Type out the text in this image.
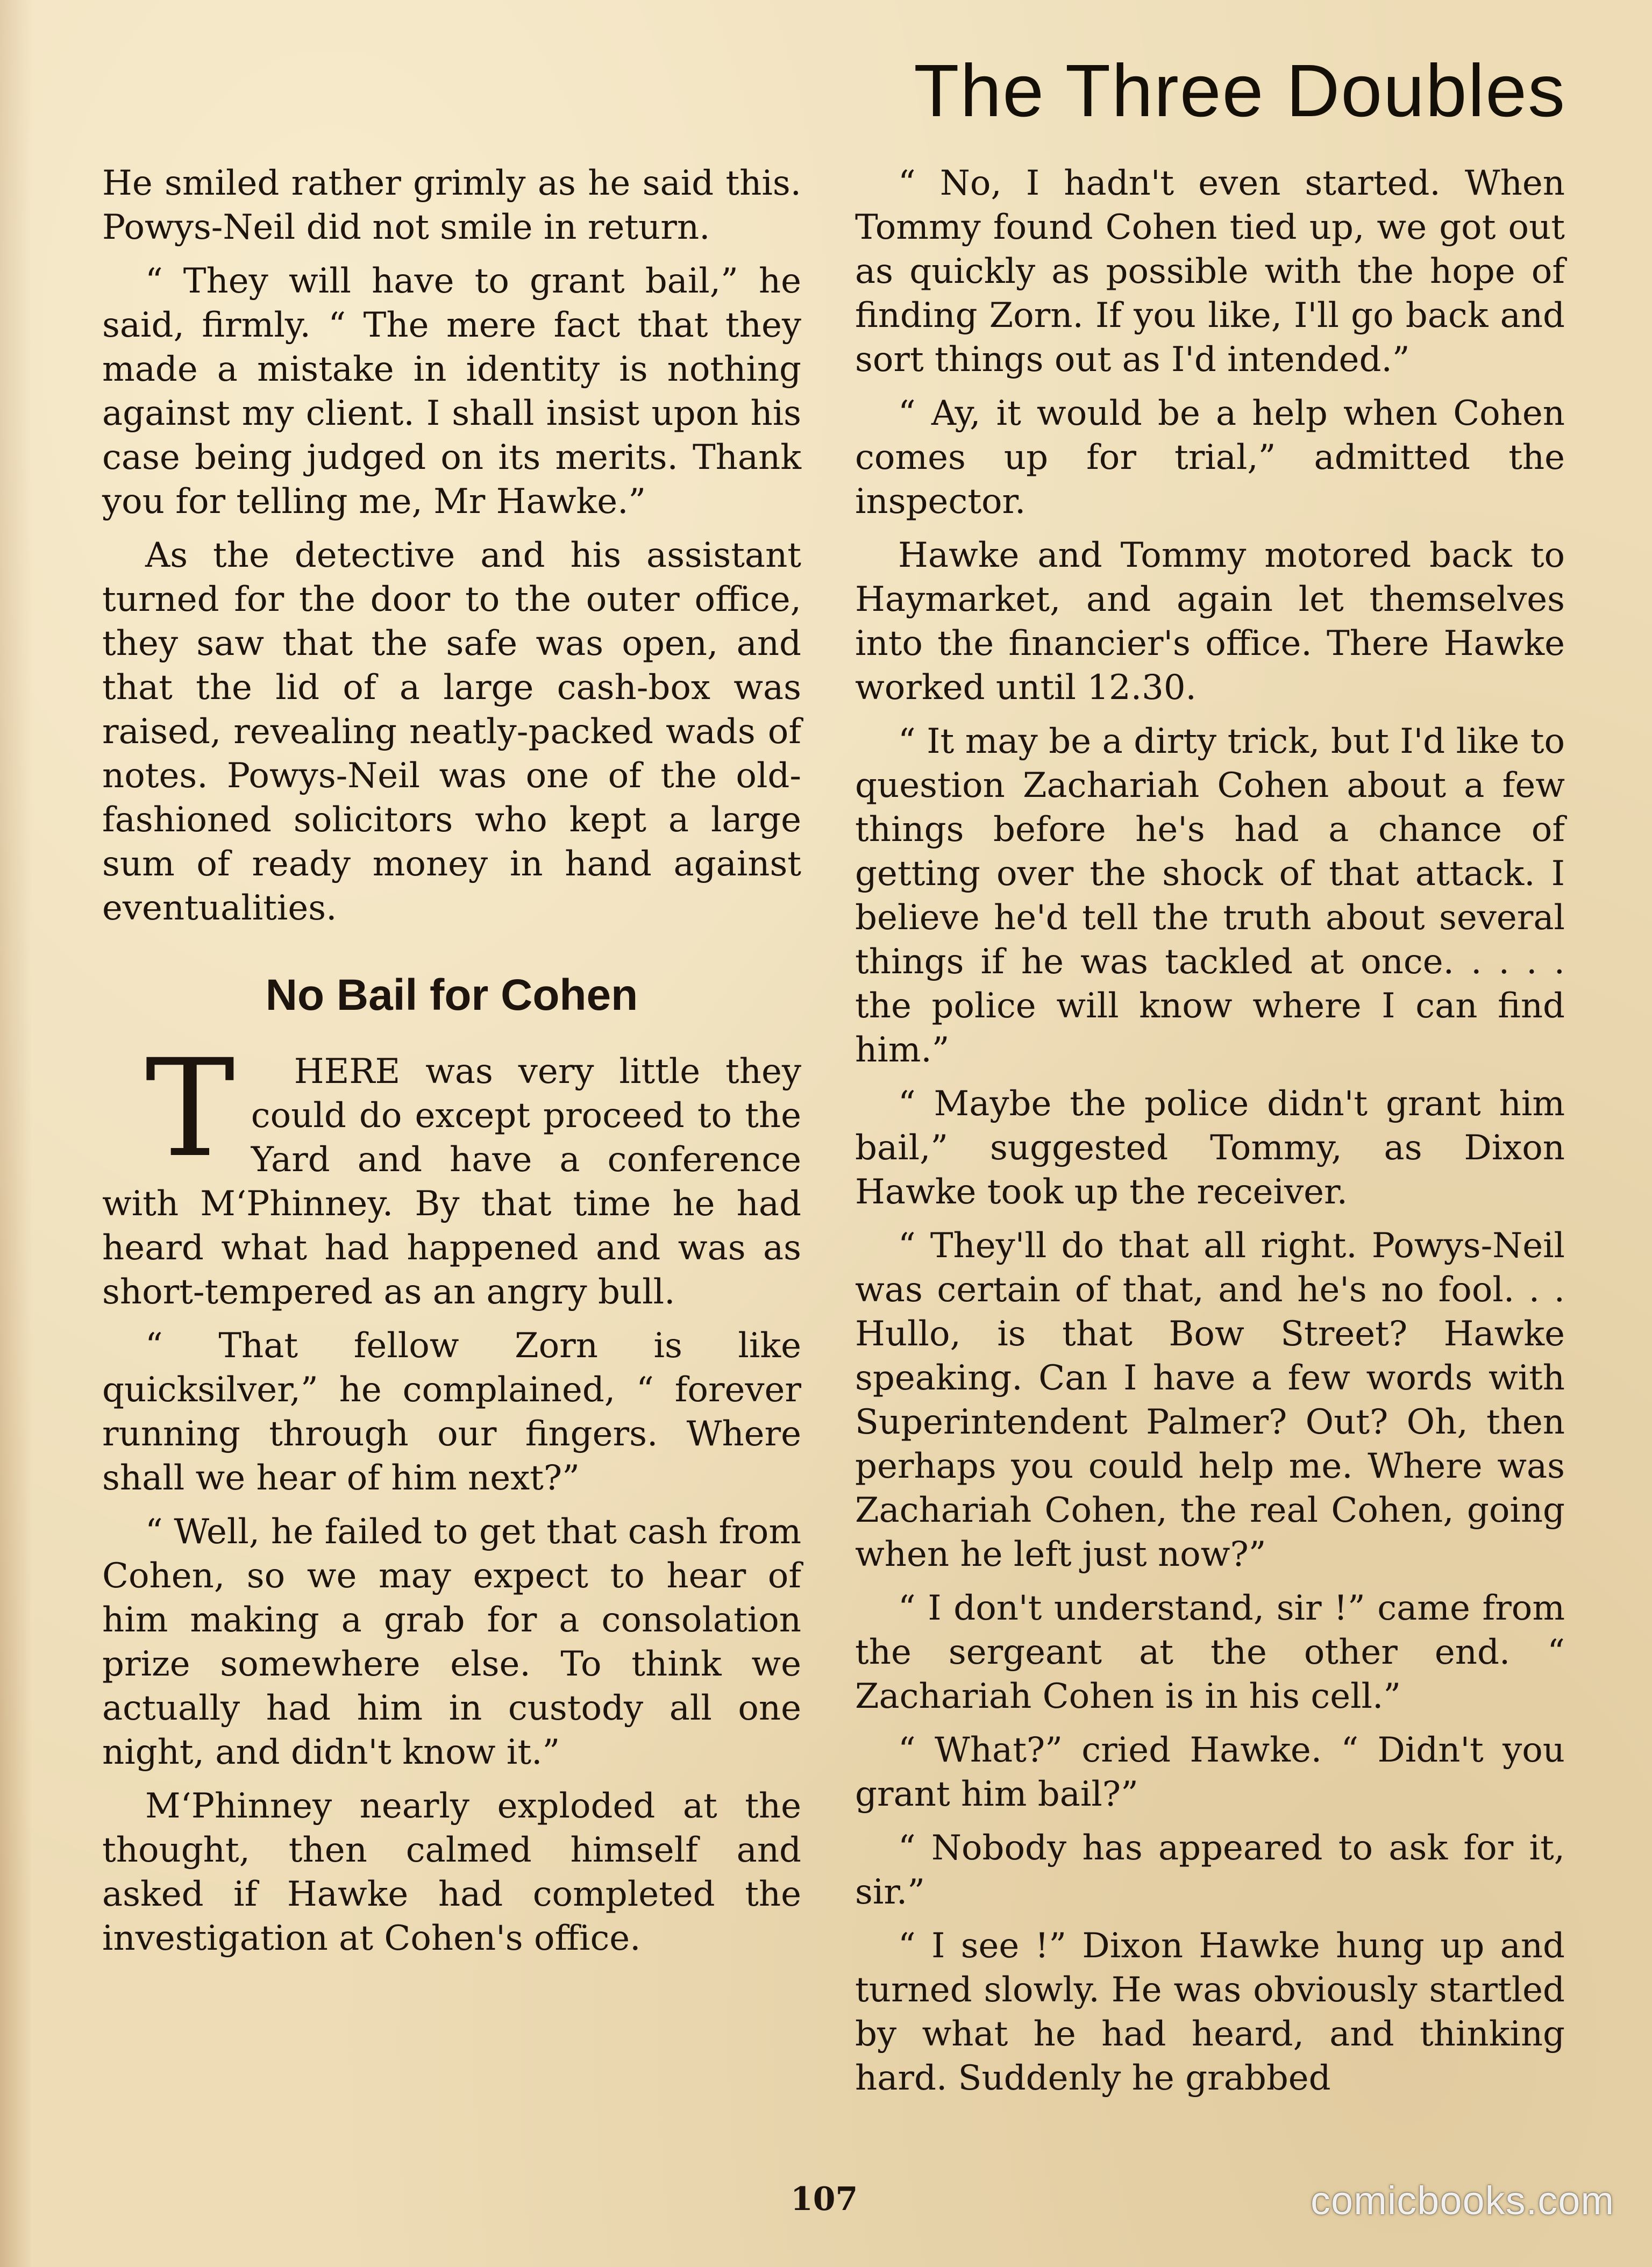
The Three Doubles

He smiled rather grimly as he said this. Powys-Neil did not smile in return.

“ They will have to grant bail,” he said, firmly. “ The mere fact that they made a mistake in identity is nothing against my client. I shall insist upon his case being judged on its merits. Thank you for telling me, Mr Hawke.”

As the detective and his assistant turned for the door to the outer office, they saw that the safe was open, and that the lid of a large cash-box was raised, revealing neatly-packed wads of notes. Powys-Neil was one of the old-fashioned solicitors who kept a large sum of ready money in hand against eventualities.

No Bail for Cohen

T HERE was very little they could do except proceed to the Yard and have a conference with M‘Phinney. By that time he had heard what had happened and was as short-tempered as an angry bull.

“ That fellow Zorn is like quicksilver,” he complained, “ forever running through our fingers. Where shall we hear of him next?”

“ Well, he failed to get that cash from Cohen, so we may expect to hear of him making a grab for a consolation prize somewhere else. To think we actually had him in custody all one night, and didn't know it.”

M‘Phinney nearly exploded at the thought, then calmed himself and asked if Hawke had completed the investigation at Cohen's office.

“ No, I hadn't even started. When Tommy found Cohen tied up, we got out as quickly as possible with the hope of finding Zorn. If you like, I'll go back and sort things out as I'd intended.”

“ Ay, it would be a help when Cohen comes up for trial,” admitted the inspector.

Hawke and Tommy motored back to Haymarket, and again let themselves into the financier's office. There Hawke worked until 12.30.

“ It may be a dirty trick, but I'd like to question Zachariah Cohen about a few things before he's had a chance of getting over the shock of that attack. I believe he'd tell the truth about several things if he was tackled at once. . . . . the police will know where I can find him.”

“ Maybe the police didn't grant him bail,” suggested Tommy, as Dixon Hawke took up the receiver.

“ They'll do that all right. Powys-Neil was certain of that, and he's no fool. . . Hullo, is that Bow Street? Hawke speaking. Can I have a few words with Superintendent Palmer? Out? Oh, then perhaps you could help me. Where was Zachariah Cohen, the real Cohen, going when he left just now?”

“ I don't understand, sir !” came from the sergeant at the other end. “ Zachariah Cohen is in his cell.”

“ What?” cried Hawke. “ Didn't you grant him bail?”

“ Nobody has appeared to ask for it, sir.”

“ I see !” Dixon Hawke hung up and turned slowly. He was obviously startled by what he had heard, and thinking hard. Suddenly he grabbed

107	comicbooks.com
